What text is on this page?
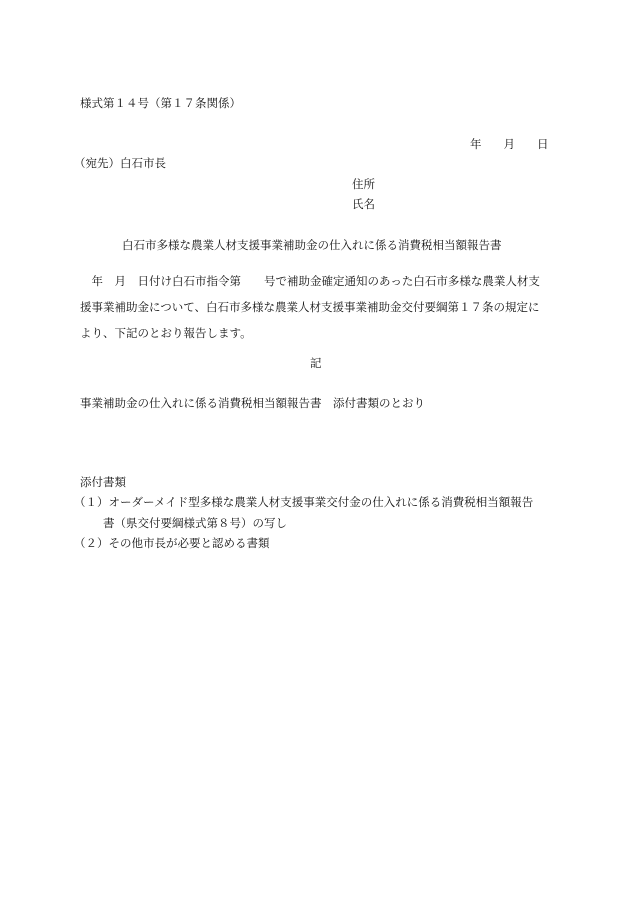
様式第１４号（第１７条関係）
年 月 日
（宛先）白石市長
住所
氏名
白石市多様な農業人材支援事業補助金の仕入れに係る消費税相当額報告書
　年　月　日付け白石市指令第　　号で補助金確定通知のあった白石市多様な農業人材支
援事業補助金について、白石市多様な農業人材支援事業補助金交付要綱第１７条の規定に
より、下記のとおり報告します。
記
事業補助金の仕入れに係る消費税相当額報告書　添付書類のとおり
添付書類
（１）オーダーメイド型多様な農業人材支援事業交付金の仕入れに係る消費税相当額報告
書（県交付要綱様式第８号）の写し
（２）その他市長が必要と認める書類
